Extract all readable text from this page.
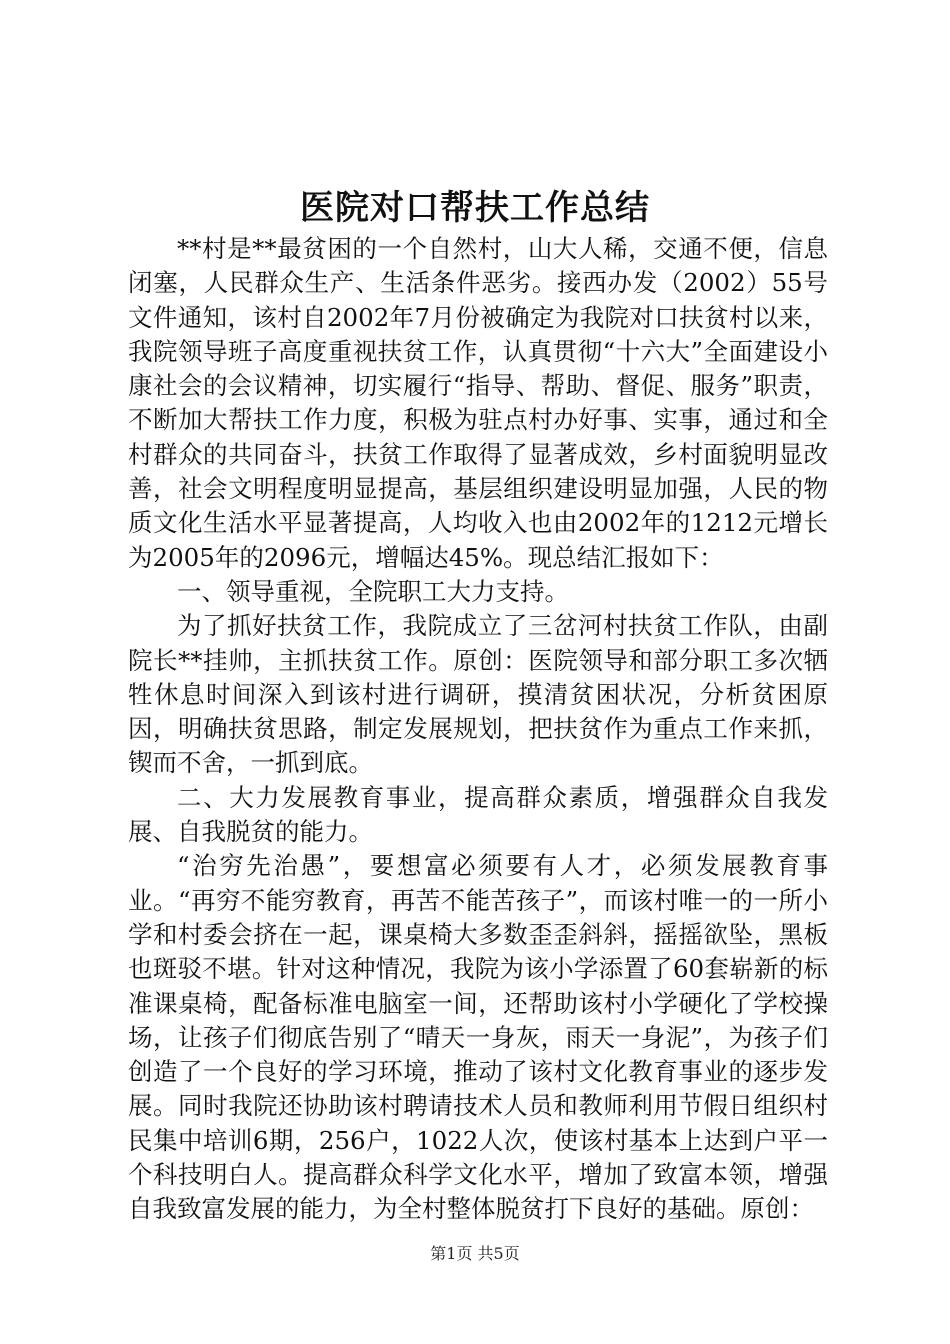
医院对口帮扶工作总结

**村是**最贫困的一个自然村，山大人稀，交通不便，信息闭塞，人民群众生产、生活条件恶劣。接西办发（2002）55号文件通知，该村自2002年7月份被确定为我院对口扶贫村以来，我院领导班子高度重视扶贫工作，认真贯彻“十六大”全面建设小康社会的会议精神，切实履行“指导、帮助、督促、服务”职责，不断加大帮扶工作力度，积极为驻点村办好事、实事，通过和全村群众的共同奋斗，扶贫工作取得了显著成效，乡村面貌明显改善，社会文明程度明显提高，基层组织建设明显加强，人民的物质文化生活水平显著提高，人均收入也由2002年的1212元增长为2005年的2096元，增幅达45%。现总结汇报如下：

一、领导重视，全院职工大力支持。

为了抓好扶贫工作，我院成立了三岔河村扶贫工作队，由副院长**挂帅，主抓扶贫工作。原创：医院领导和部分职工多次牺牲休息时间深入到该村进行调研，摸清贫困状况，分析贫困原因，明确扶贫思路，制定发展规划，把扶贫作为重点工作来抓，锲而不舍，一抓到底。

二、大力发展教育事业，提高群众素质，增强群众自我发展、自我脱贫的能力。

“治穷先治愚”，要想富必须要有人才，必须发展教育事业。“再穷不能穷教育，再苦不能苦孩子”，而该村唯一的一所小学和村委会挤在一起，课桌椅大多数歪歪斜斜，摇摇欲坠，黑板也斑驳不堪。针对这种情况，我院为该小学添置了60套崭新的标准课桌椅，配备标准电脑室一间，还帮助该村小学硬化了学校操场，让孩子们彻底告别了“晴天一身灰，雨天一身泥”，为孩子们创造了一个良好的学习环境，推动了该村文化教育事业的逐步发展。同时我院还协助该村聘请技术人员和教师利用节假日组织村民集中培训6期，256户，1022人次，使该村基本上达到户平一个科技明白人。提高群众科学文化水平，增加了致富本领，增强自我致富发展的能力，为全村整体脱贫打下良好的基础。原创：

第1页 共5页
